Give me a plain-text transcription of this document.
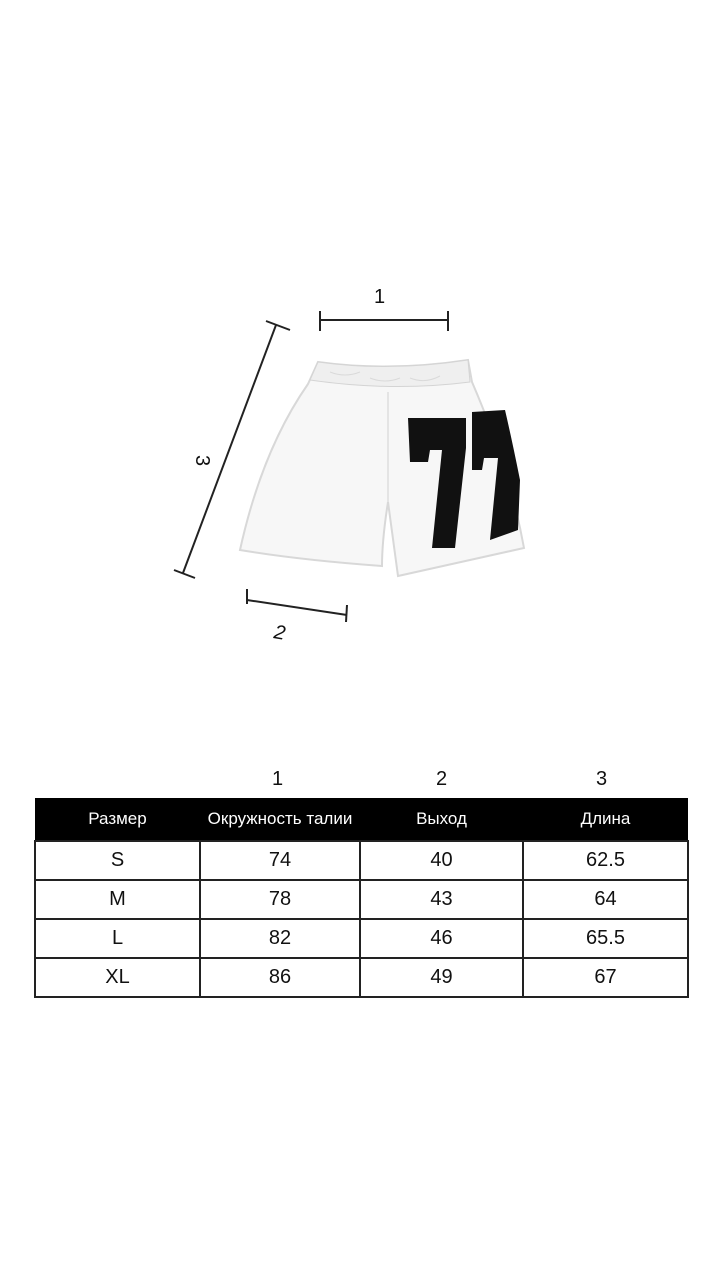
1
2
3
1	2	3
Размер	Окружность талии	Выход	Длина
S	74	40	62.5
M	78	43	64
L	82	46	65.5
XL	86	49	67
